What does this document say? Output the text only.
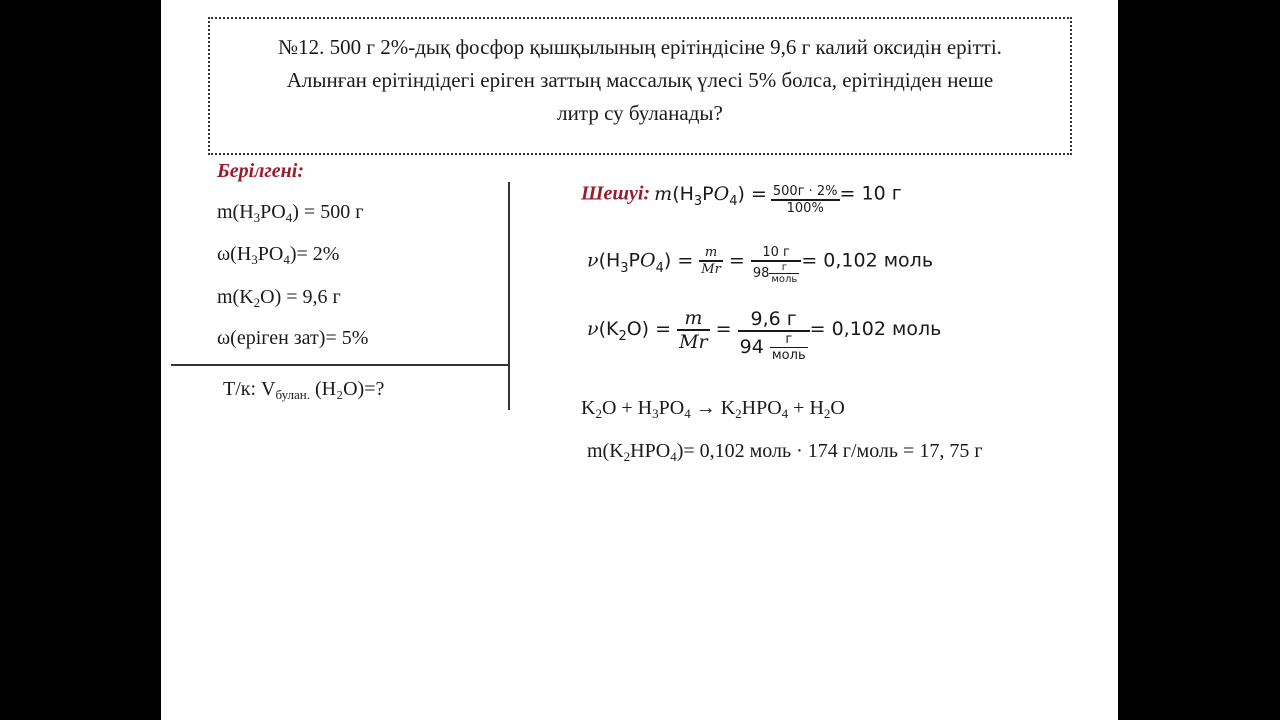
№12. 500 г 2%-дық фосфор қышқылының ерітіндісіне 9,6 г калий оксидін ерітті.
Алынған ерітіндідегі еріген заттың массалық үлесі 5% болса, ерітіндіден неше
литр су буланады?
Берілгені:
$m(H_3PO_4) = 500$ г
$\omega(H_3PO_4)= 2\%$
$m(K_2O) = 9,6$ г
ω(еріген зат)= 5%
Т/к: $V_{булан.}$ (H₂O)=?
Шешуі: $m(H_3PO_4) = \frac{500г \cdot 2\%}{100\%} = 10$ г
$\nu(H_3PO_4) = \frac{m}{Mr} = \frac{10 г}{98 \frac{г}{\text{моль}}} = 0,102$ моль
$\nu(K_2O) = \frac{m}{Mr} = \frac{9,6 г}{94 \frac{г}{\text{моль}}} = 0,102$ моль
$K_2O + H_3PO_4 \to K_2HPO_4 + H_2O$
$m(K_2HPO_4)= 0,102$ моль · 174 г/моль = 17, 75 г
